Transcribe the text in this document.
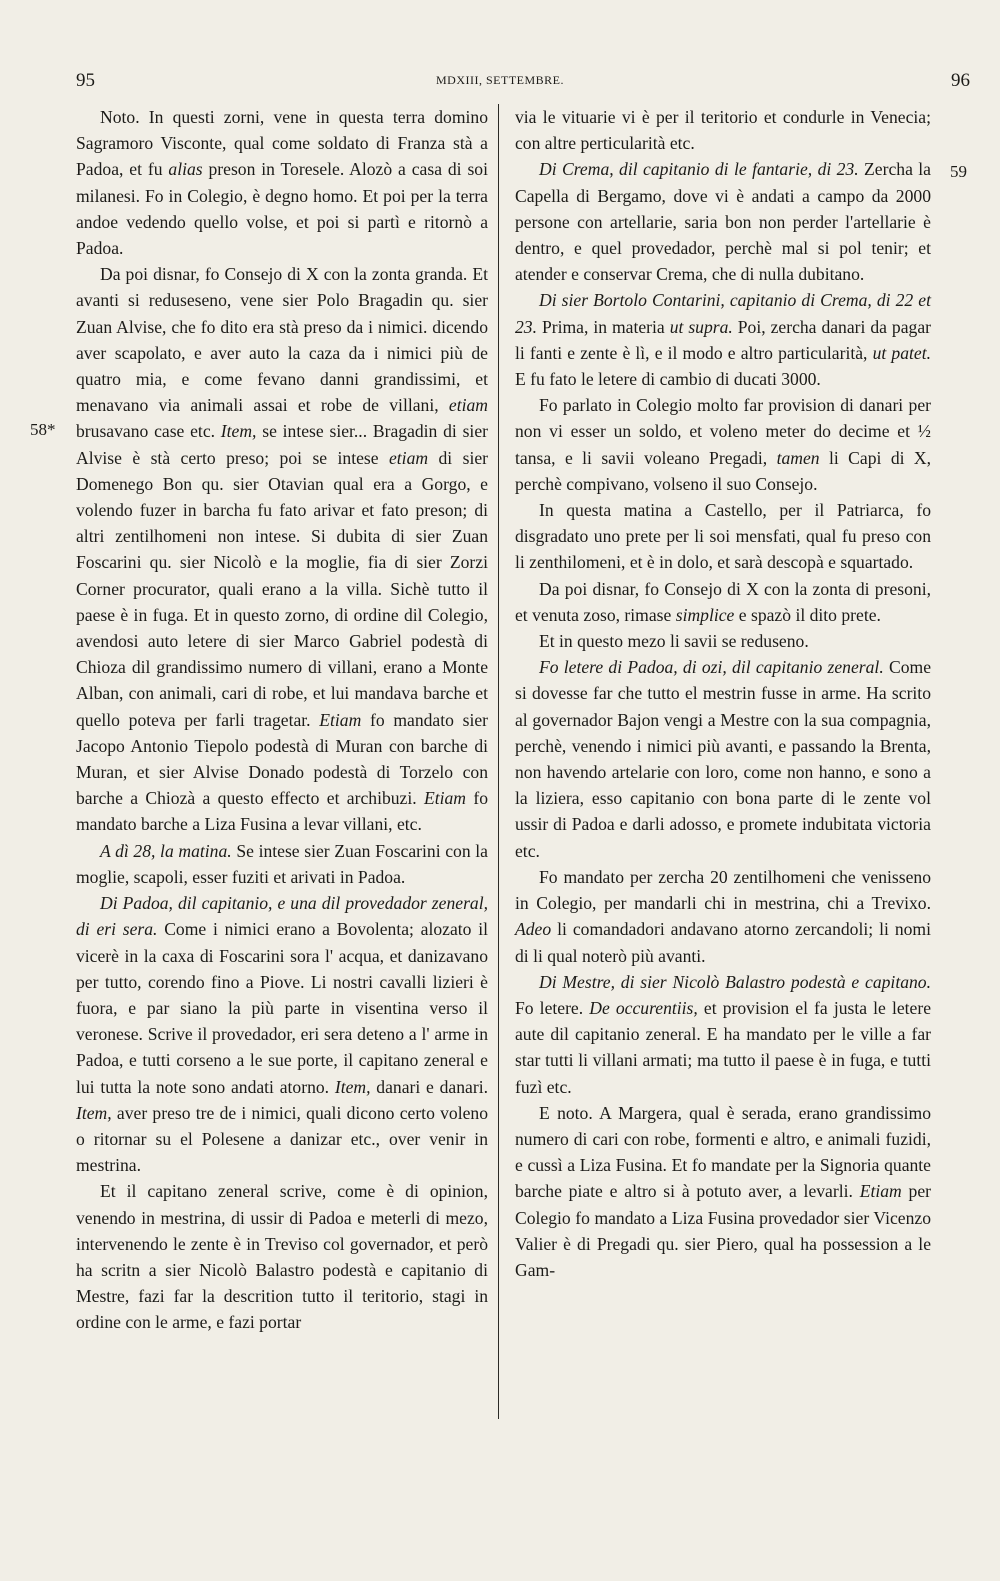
95	MDXIII, SETTEMBRE.	96
58*
59

Noto. In questi zorni, vene in questa terra domino Sagramoro Visconte, qual come soldato di Franza stà a Padoa, et fu alias preson in Toresele. Alozò a casa di soi milanesi. Fo in Colegio, è degno homo. Et poi per la terra andoe vedendo quello volse, et poi si partì e ritornò a Padoa.

Da poi disnar, fo Consejo di X con la zonta granda. Et avanti si reduseseno, vene sier Polo Bragadin qu. sier Zuan Alvise, che fo dito era stà preso da i nimici. dicendo aver scapolato, e aver auto la caza da i nimici più de quatro mia, e come fevano danni grandissimi, et menavano via animali assai et robe de villani, etiam brusavano case etc. Item, se intese sier... Bragadin di sier Alvise è stà certo preso; poi se intese etiam di sier Domenego Bon qu. sier Otavian qual era a Gorgo, e volendo fuzer in barcha fu fato arivar et fato preson; di altri zentilhomeni non intese. Si dubita di sier Zuan Foscarini qu. sier Nicolò e la moglie, fia di sier Zorzi Corner procurator, quali erano a la villa. Sichè tutto il paese è in fuga. Et in questo zorno, di ordine dil Colegio, avendosi auto letere di sier Marco Gabriel podestà di Chioza dil grandissimo numero di villani, erano a Monte Alban, con animali, cari di robe, et lui mandava barche et quello poteva per farli tragetar. Etiam fo mandato sier Jacopo Antonio Tiepolo podestà di Muran con barche di Muran, et sier Alvise Donado podestà di Torzelo con barche a Chiozà a questo effecto et archibuzi. Etiam fo mandato barche a Liza Fusina a levar villani, etc.

A dì 28, la matina. Se intese sier Zuan Foscarini con la moglie, scapoli, esser fuziti et arivati in Padoa.

Di Padoa, dil capitanio, e una dil provedador zeneral, di eri sera. Come i nimici erano a Bovolenta; alozato il vicerè in la caxa di Foscarini sora l' acqua, et danizavano per tutto, corendo fino a Piove. Li nostri cavalli lizieri è fuora, e par siano la più parte in visentina verso il veronese. Scrive il provedador, eri sera deteno a l' arme in Padoa, e tutti corseno a le sue porte, il capitano zeneral e lui tutta la note sono andati atorno. Item, danari e danari. Item, aver preso tre de i nimici, quali dicono certo voleno o ritornar su el Polesene a danizar etc., over venir in mestrina.

Et il capitano zeneral scrive, come è di opinion, venendo in mestrina, di ussir di Padoa e meterli di mezo, intervenendo le zente è in Treviso col governador, et però ha scritn a sier Nicolò Balastro podestà e capitanio di Mestre, fazi far la descrition tutto il teritorio, stagi in ordine con le arme, e fazi portar

via le vituarie vi è per il teritorio et condurle in Venecia; con altre perticularità etc.

Di Crema, dil capitanio di le fantarie, di 23. Zercha la Capella di Bergamo, dove vi è andati a campo da 2000 persone con artellarie, saria bon non perder l'artellarie è dentro, e quel provedador, perchè mal si pol tenir; et atender e conservar Crema, che di nulla dubitano.

Di sier Bortolo Contarini, capitanio di Crema, di 22 et 23. Prima, in materia ut supra. Poi, zercha danari da pagar li fanti e zente è lì, e il modo e altro particularità, ut patet. E fu fato le letere di cambio di ducati 3000.

Fo parlato in Colegio molto far provision di danari per non vi esser un soldo, et voleno meter do decime et ½ tansa, e li savii voleano Pregadi, tamen li Capi di X, perchè compivano, volseno il suo Consejo.

In questa matina a Castello, per il Patriarca, fo disgradato uno prete per li soi mensfati, qual fu preso con li zenthilomeni, et è in dolo, et sarà descopà e squartado.

Da poi disnar, fo Consejo di X con la zonta di presoni, et venuta zoso, rimase simplice e spazò il dito prete.

Et in questo mezo li savii se reduseno.

Fo letere di Padoa, di ozi, dil capitanio zeneral. Come si dovesse far che tutto el mestrin fusse in arme. Ha scrito al governador Bajon vengi a Mestre con la sua compagnia, perchè, venendo i nimici più avanti, e passando la Brenta, non havendo artelarie con loro, come non hanno, e sono a la liziera, esso capitanio con bona parte di le zente vol ussir di Padoa e darli adosso, e promete indubitata victoria etc.

Fo mandato per zercha 20 zentilhomeni che venisseno in Colegio, per mandarli chi in mestrina, chi a Trevixo. Adeo li comandadori andavano atorno zercandoli; li nomi di li qual noterò più avanti.

Di Mestre, di sier Nicolò Balastro podestà e capitano. Fo letere. De occurentiis, et provision el fa justa le letere aute dil capitanio zeneral. E ha mandato per le ville a far star tutti li villani armati; ma tutto il paese è in fuga, e tutti fuzì etc.

E noto. A Margera, qual è serada, erano grandissimo numero di cari con robe, formenti e altro, e animali fuzidi, e cussì a Liza Fusina. Et fo mandate per la Signoria quante barche piate e altro si à potuto aver, a levarli. Etiam per Colegio fo mandato a Liza Fusina provedador sier Vicenzo Valier è di Pregadi qu. sier Piero, qual ha possession a le Gam-
